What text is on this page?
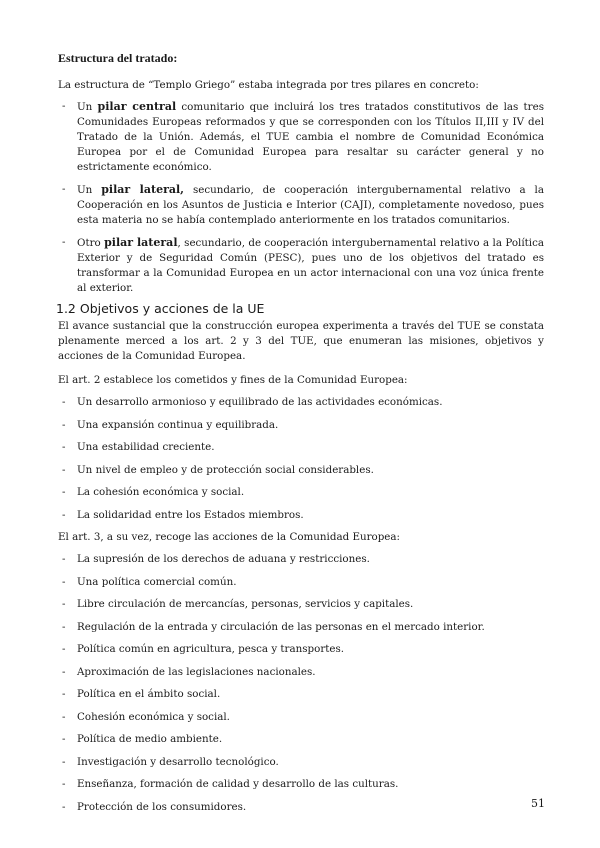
Estructura del tratado:

La estructura de “Templo Griego” estaba integrada por tres pilares en concreto:

- Un pilar central comunitario que incluirá los tres tratados constitutivos de las tres Comunidades Europeas reformados y que se corresponden con los Títulos II,III y IV del Tratado de la Unión. Además, el TUE cambia el nombre de Comunidad Económica Europea por el de Comunidad Europea para resaltar su carácter general y no estrictamente económico.
- Un pilar lateral, secundario, de cooperación intergubernamental relativo a la Cooperación en los Asuntos de Justicia e Interior (CAJI), completamente novedoso, pues esta materia no se había contemplado anteriormente en los tratados comunitarios.
- Otro pilar lateral, secundario, de cooperación intergubernamental relativo a la Política Exterior y de Seguridad Común (PESC), pues uno de los objetivos del tratado es transformar a la Comunidad Europea en un actor internacional con una voz única frente al exterior.
1.2 Objetivos y acciones de la UE

El avance sustancial que la construcción europea experimenta a través del TUE se constata plenamente merced a los art. 2 y 3 del TUE, que enumeran las misiones, objetivos y acciones de la Comunidad Europea.

El art. 2 establece los cometidos y fines de la Comunidad Europea:

- Un desarrollo armonioso y equilibrado de las actividades económicas.
- Una expansión continua y equilibrada.
- Una estabilidad creciente.
- Un nivel de empleo y de protección social considerables.
- La cohesión económica y social.
- La solidaridad entre los Estados miembros.

El art. 3, a su vez, recoge las acciones de la Comunidad Europea:

- La supresión de los derechos de aduana y restricciones.
- Una política comercial común.
- Libre circulación de mercancías, personas, servicios y capitales.
- Regulación de la entrada y circulación de las personas en el mercado interior.
- Política común en agricultura, pesca y transportes.
- Aproximación de las legislaciones nacionales.
- Política en el ámbito social.
- Cohesión económica y social.
- Política de medio ambiente.
- Investigación y desarrollo tecnológico.
- Enseñanza, formación de calidad y desarrollo de las culturas.
- Protección de los consumidores.	51
